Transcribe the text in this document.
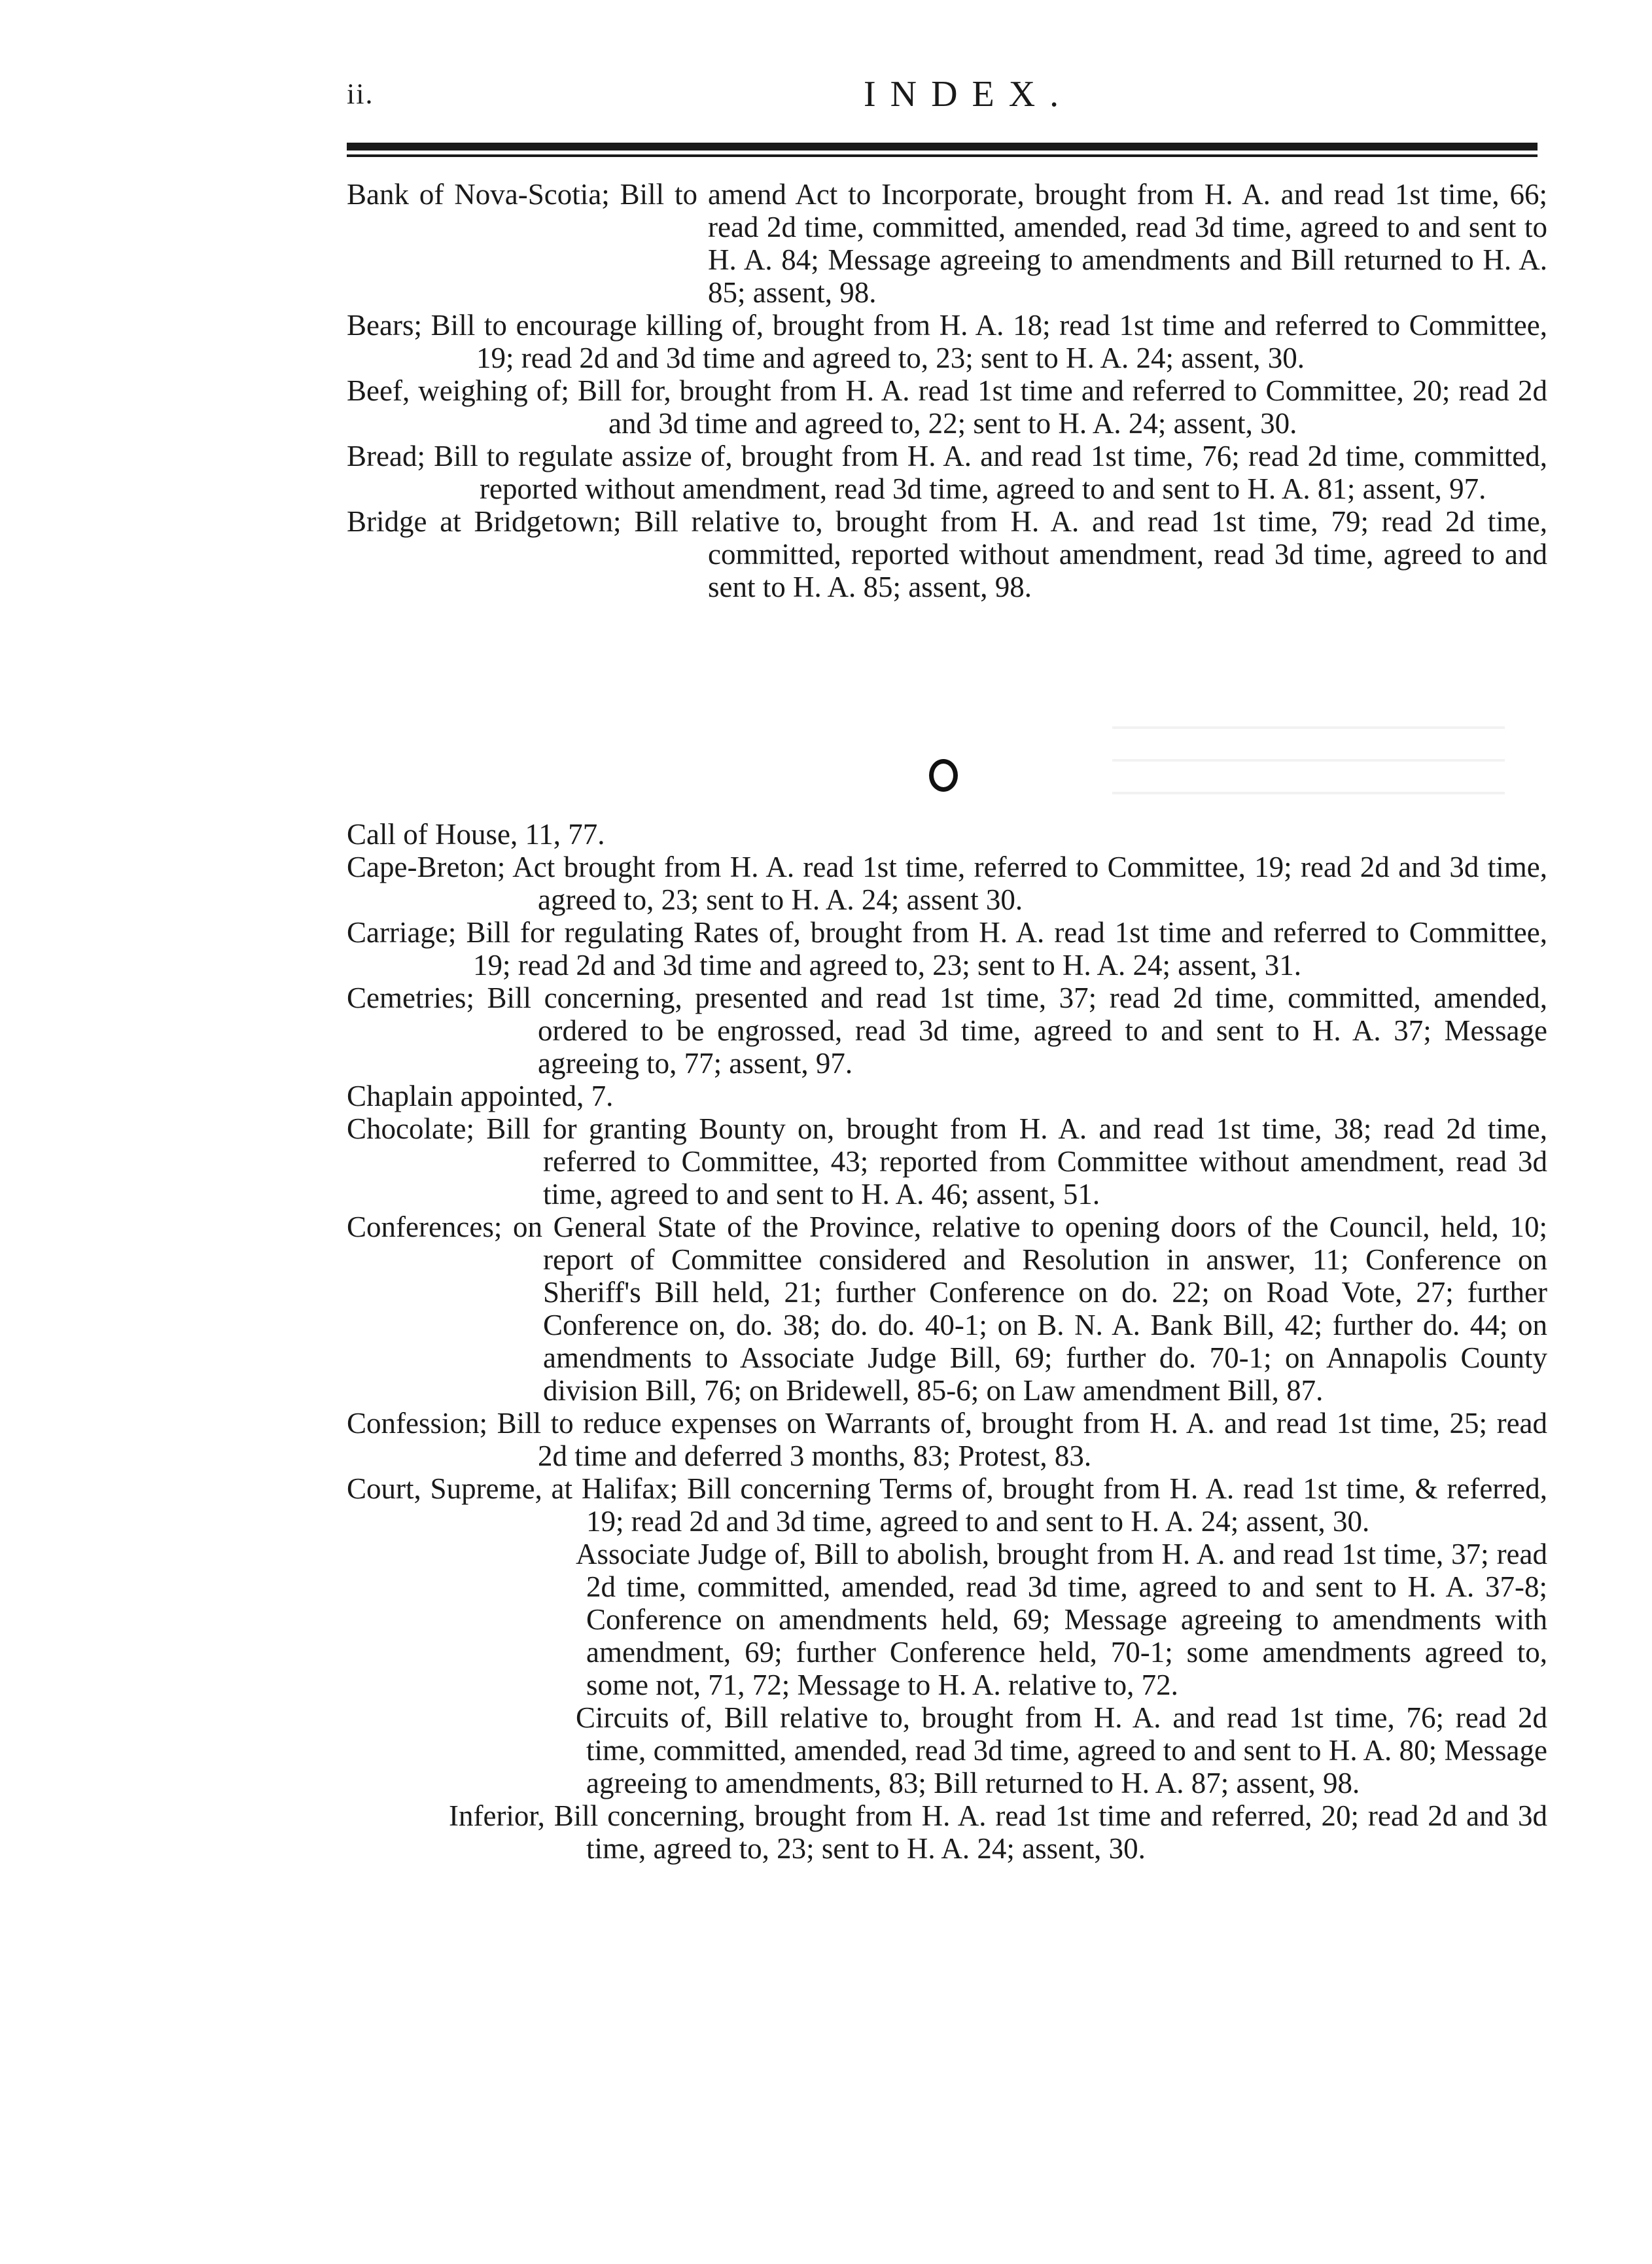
ii.	INDEX.

Bank of Nova-Scotia; Bill to amend Act to Incorporate, brought from H. A. and read 1st time, 66; read 2d time, committed, amended, read 3d time, agreed to and sent to H. A. 84; Message agreeing to amendments and Bill returned to H. A. 85; assent, 98.

Bears; Bill to encourage killing of, brought from H. A. 18; read 1st time and referred to Committee, 19; read 2d and 3d time and agreed to, 23; sent to H. A. 24; assent, 30.

Beef, weighing of; Bill for, brought from H. A. read 1st time and referred to Committee, 20; read 2d and 3d time and agreed to, 22; sent to H. A. 24; assent, 30.

Bread; Bill to regulate assize of, brought from H. A. and read 1st time, 76; read 2d time, committed, reported without amendment, read 3d time, agreed to and sent to H. A. 81; assent, 97.

Bridge at Bridgetown; Bill relative to, brought from H. A. and read 1st time, 79; read 2d time, committed, reported without amendment, read 3d time, agreed to and sent to H. A. 85; assent, 98.

Call of House, 11, 77.

Cape-Breton; Act brought from H. A. read 1st time, referred to Committee, 19; read 2d and 3d time, agreed to, 23; sent to H. A. 24; assent 30.

Carriage; Bill for regulating Rates of, brought from H. A. read 1st time and referred to Committee, 19; read 2d and 3d time and agreed to, 23; sent to H. A. 24; assent, 31.

Cemetries; Bill concerning, presented and read 1st time, 37; read 2d time, committed, amended, ordered to be engrossed, read 3d time, agreed to and sent to H. A. 37; Message agreeing to, 77; assent, 97.

Chaplain appointed, 7.

Chocolate; Bill for granting Bounty on, brought from H. A. and read 1st time, 38; read 2d time, referred to Committee, 43; reported from Committee without amendment, read 3d time, agreed to and sent to H. A. 46; assent, 51.

Conferences; on General State of the Province, relative to opening doors of the Council, held, 10; report of Committee considered and Resolution in answer, 11; Conference on Sheriff's Bill held, 21; further Conference on do. 22; on Road Vote, 27; further Conference on, do. 38; do. do. 40-1; on B. N. A. Bank Bill, 42; further do. 44; on amendments to Associate Judge Bill, 69; further do. 70-1; on Annapolis County division Bill, 76; on Bridewell, 85-6; on Law amendment Bill, 87.

Confession; Bill to reduce expenses on Warrants of, brought from H. A. and read 1st time, 25; read 2d time and deferred 3 months, 83; Protest, 83.

Court, Supreme, at Halifax; Bill concerning Terms of, brought from H. A. read 1st time, & referred, 19; read 2d and 3d time, agreed to and sent to H. A. 24; assent, 30.

Associate Judge of, Bill to abolish, brought from H. A. and read 1st time, 37; read 2d time, committed, amended, read 3d time, agreed to and sent to H. A. 37-8; Conference on amendments held, 69; Message agreeing to amendments with amendment, 69; further Conference held, 70-1; some amendments agreed to, some not, 71, 72; Message to H. A. relative to, 72.

Circuits of, Bill relative to, brought from H. A. and read 1st time, 76; read 2d time, committed, amended, read 3d time, agreed to and sent to H. A. 80; Message agreeing to amendments, 83; Bill returned to H. A. 87; assent, 98.

Inferior, Bill concerning, brought from H. A. read 1st time and referred, 20; read 2d and 3d time, agreed to, 23; sent to H. A. 24; assent, 30.
